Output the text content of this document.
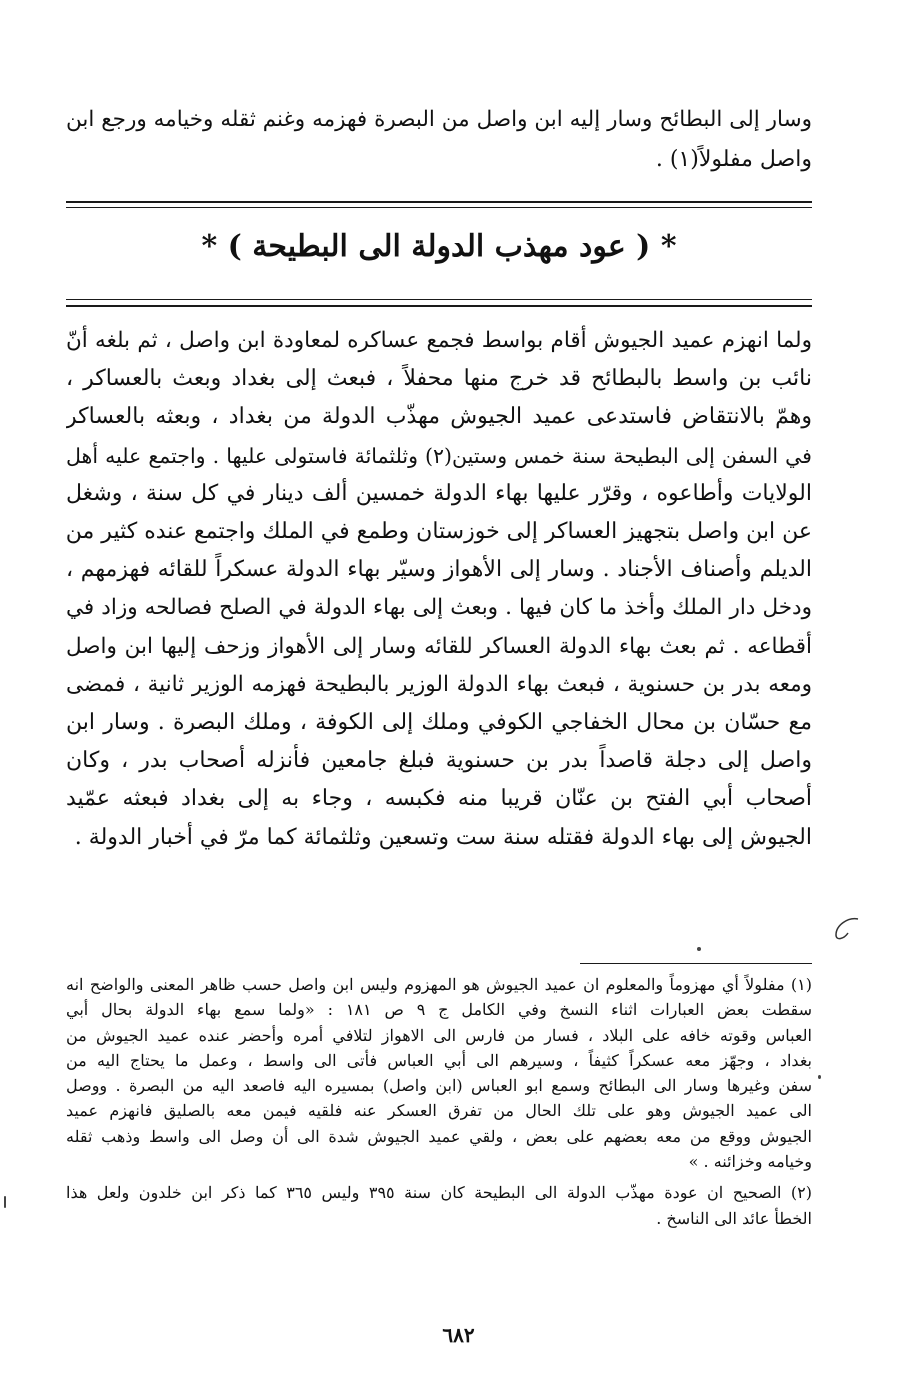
وسار إلى البطائح وسار إليه ابن واصل من البصرة فهزمه وغنم ثقله وخيامه ورجع ابن
واصل مفلولاً(١) .
* ( عود مهذب الدولة الى البطيحة ) *
ولما انهزم عميد الجيوش أقام بواسط فجمع عساكره لمعاودة ابن واصل ، ثم بلغه أنّ
نائب بن واسط بالبطائح قد خرج منها محفلاً ، فبعث إلى بغداد وبعث بالعساكر ،
وهمّ بالانتقاض فاستدعى عميد الجيوش مهذّب الدولة من بغداد ، وبعثه بالعساكر
في السفن إلى البطيحة سنة خمس وستين(٢) وثلثمائة فاستولى عليها . واجتمع عليه أهل
الولايات وأطاعوه ، وقرّر عليها بهاء الدولة خمسين ألف دينار في كل سنة ، وشغل
عن ابن واصل بتجهيز العساكر إلى خوزستان وطمع في الملك واجتمع عنده كثير من
الديلم وأصناف الأجناد . وسار إلى الأهواز وسيّر بهاء الدولة عسكراً للقائه فهزمهم ،
ودخل دار الملك وأخذ ما كان فيها . وبعث إلى بهاء الدولة في الصلح فصالحه وزاد في
أقطاعه . ثم بعث بهاء الدولة العساكر للقائه وسار إلى الأهواز وزحف إليها ابن واصل
ومعه بدر بن حسنوية ، فبعث بهاء الدولة الوزير بالبطيحة فهزمه الوزير ثانية ، فمضى
مع حسّان بن محال الخفاجي الكوفي وملك إلى الكوفة ، وملك البصرة . وسار ابن
واصل إلى دجلة قاصداً بدر بن حسنوية فبلغ جامعين فأنزله أصحاب بدر ، وكان
أصحاب أبي الفتح بن عنّان قريبا منه فكبسه ، وجاء به إلى بغداد فبعثه عمّيد
الجيوش إلى بهاء الدولة فقتله سنة ست وتسعين وثلثمائة كما مرّ في أخبار الدولة .
(١) مفلولاً أي مهزوماً والمعلوم ان عميد الجيوش هو المهزوم وليس ابن واصل حسب ظاهر المعنى والواضح انه
سقطت بعض العبارات اثناء النسخ وفي الكامل ج ٩ ص ١٨١ : «ولما سمع بهاء الدولة بحال أبي
العباس وقوته خافه على البلاد ، فسار من فارس الى الاهواز لتلافي أمره وأحضر عنده عميد الجيوش من
بغداد ، وجهّز معه عسكراً كثيفاً ، وسيرهم الى أبي العباس فأتى الى واسط ، وعمل ما يحتاج اليه من
سفن وغيرها وسار الى البطائح وسمع ابو العباس (ابن واصل) بمسيره اليه فاصعد اليه من البصرة . ووصل
الى عميد الجيوش وهو على تلك الحال من تفرق العسكر عنه فلقيه فيمن معه بالصليق فانهزم عميد
الجيوش ووقع من معه بعضهم على بعض ، ولقي عميد الجيوش شدة الى أن وصل الى واسط وذهب ثقله
وخيامه وخزائنه . »
(٢) الصحيح ان عودة مهذّب الدولة الى البطيحة كان سنة ٣٩٥ وليس ٣٦٥ كما ذكر ابن خلدون ولعل هذا
الخطأ عائد الى الناسخ .
٦٨٢
